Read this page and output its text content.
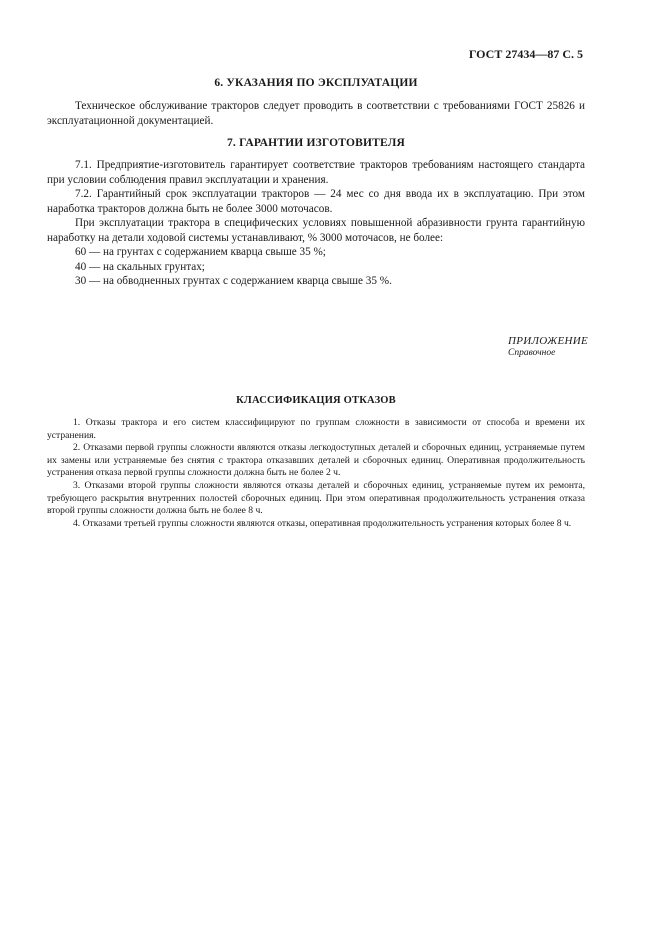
ГОСТ 27434—87 С. 5
6. УКАЗАНИЯ ПО ЭКСПЛУАТАЦИИ

Техническое обслуживание тракторов следует проводить в соответствии с требованиями ГОСТ 25826 и эксплуатационной документацией.

7. ГАРАНТИИ ИЗГОТОВИТЕЛЯ

7.1. Предприятие-изготовитель гарантирует соответствие тракторов требованиям настоящего стандарта при условии соблюдения правил эксплуатации и хранения.

7.2. Гарантийный срок эксплуатации тракторов — 24 мес со дня ввода их в эксплуатацию. При этом наработка тракторов должна быть не более 3000 моточасов.

При эксплуатации трактора в специфических условиях повышенной абразивности грунта гарантийную наработку на детали ходовой системы устанавливают, % 3000 моточасов, не более:

60 — на грунтах с содержанием кварца свыше 35 %;

40 — на скальных грунтах;

30 — на обводненных грунтах с содержанием кварца свыше 35 %.

ПРИЛОЖЕНИЕ
Справочное
КЛАССИФИКАЦИЯ ОТКАЗОВ

1. Отказы трактора и его систем классифицируют по группам сложности в зависимости от способа и времени их устранения.

2. Отказами первой группы сложности являются отказы легкодоступных деталей и сборочных единиц, устраняемые путем их замены или устраняемые без снятия с трактора отказавших деталей и сборочных единиц. Оперативная продолжительность устранения отказа первой группы сложности должна быть не более 2 ч.

3. Отказами второй группы сложности являются отказы деталей и сборочных единиц, устраняемые путем их ремонта, требующего раскрытия внутренних полостей сборочных единиц. При этом оперативная продолжительность устранения отказа второй группы сложности должна быть не более 8 ч.

4. Отказами третьей группы сложности являются отказы, оперативная продолжительность устранения которых более 8 ч.
